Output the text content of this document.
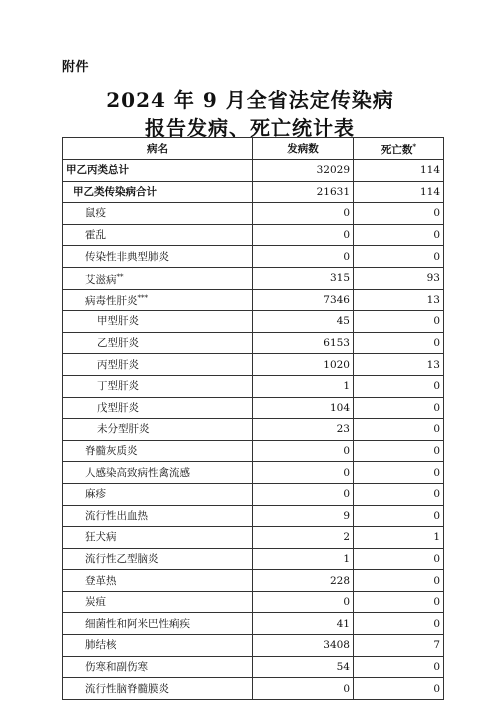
附件
2024 年 9 月全省法定传染病
报告发病、死亡统计表
病名	发病数	死亡数*
甲乙丙类总计	32029	114
甲乙类传染病合计	21631	114
鼠疫	0	0
霍乱	0	0
传染性非典型肺炎	0	0
艾滋病**	315	93
病毒性肝炎***	7346	13
甲型肝炎	45	0
乙型肝炎	6153	0
丙型肝炎	1020	13
丁型肝炎	1	0
戊型肝炎	104	0
未分型肝炎	23	0
脊髓灰质炎	0	0
人感染高致病性禽流感	0	0
麻疹	0	0
流行性出血热	9	0
狂犬病	2	1
流行性乙型脑炎	1	0
登革热	228	0
炭疽	0	0
细菌性和阿米巴性痢疾	41	0
肺结核	3408	7
伤寒和副伤寒	54	0
流行性脑脊髓膜炎	0	0
